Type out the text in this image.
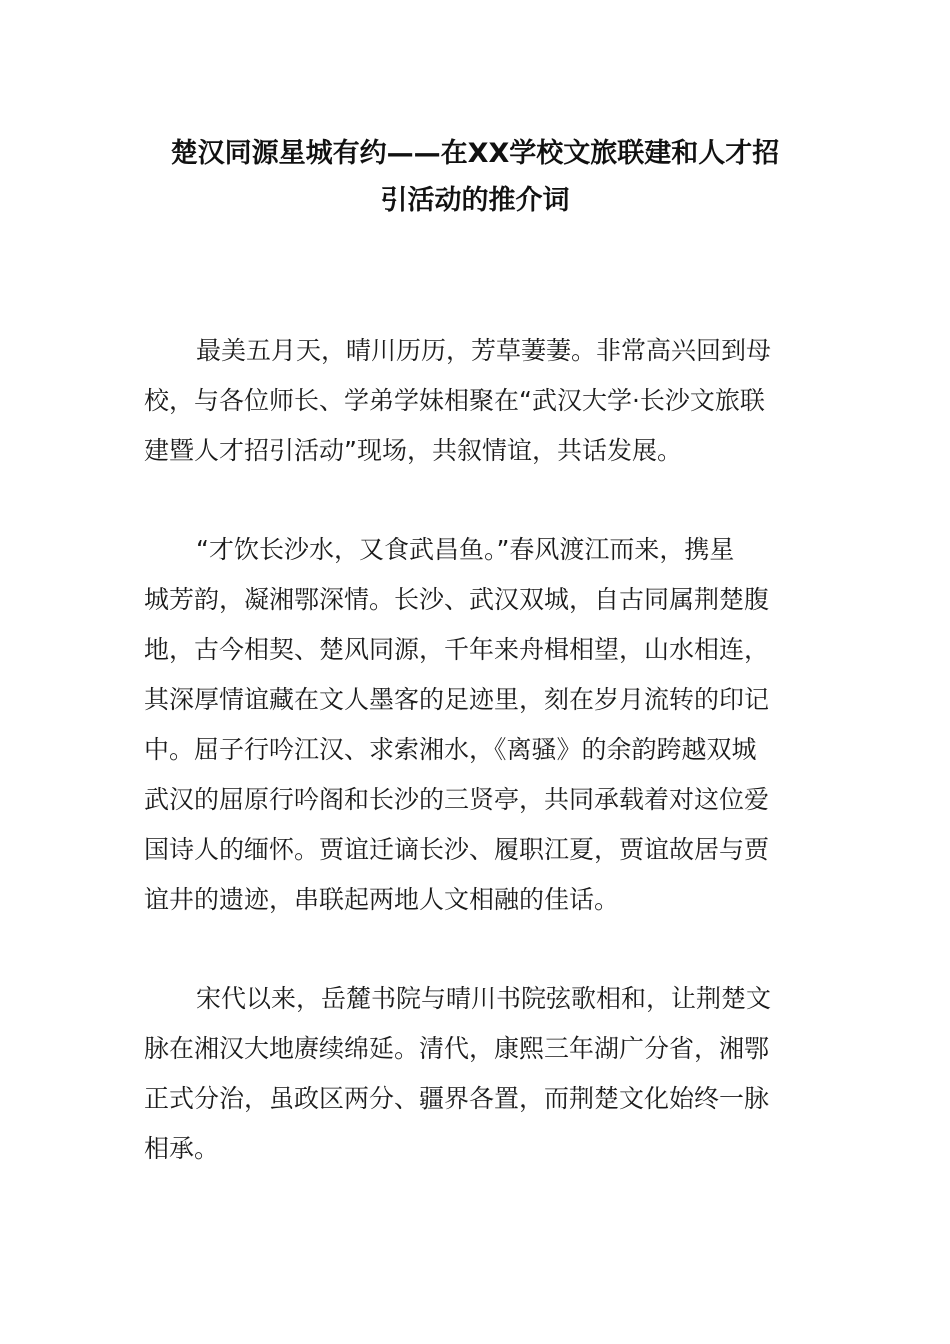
楚汉同源星城有约——在XX学校文旅联建和人才招
引活动的推介词
最美五月天，晴川历历，芳草萋萋。非常高兴回到母
校，与各位师长、学弟学妹相聚在“武汉大学·长沙文旅联
建暨人才招引活动”现场，共叙情谊，共话发展。
“才饮长沙水，又食武昌鱼。”春风渡江而来，携星
城芳韵，凝湘鄂深情。长沙、武汉双城，自古同属荆楚腹
地，古今相契、楚风同源，千年来舟楫相望，山水相连，
其深厚情谊藏在文人墨客的足迹里，刻在岁月流转的印记
中。屈子行吟江汉、求索湘水，《离骚》的余韵跨越双城
武汉的屈原行吟阁和长沙的三贤亭，共同承载着对这位爱
国诗人的缅怀。贾谊迁谪长沙、履职江夏，贾谊故居与贾
谊井的遗迹，串联起两地人文相融的佳话。
宋代以来，岳麓书院与晴川书院弦歌相和，让荆楚文
脉在湘汉大地赓续绵延。清代，康熙三年湖广分省，湘鄂
正式分治，虽政区两分、疆界各置，而荆楚文化始终一脉
相承。
